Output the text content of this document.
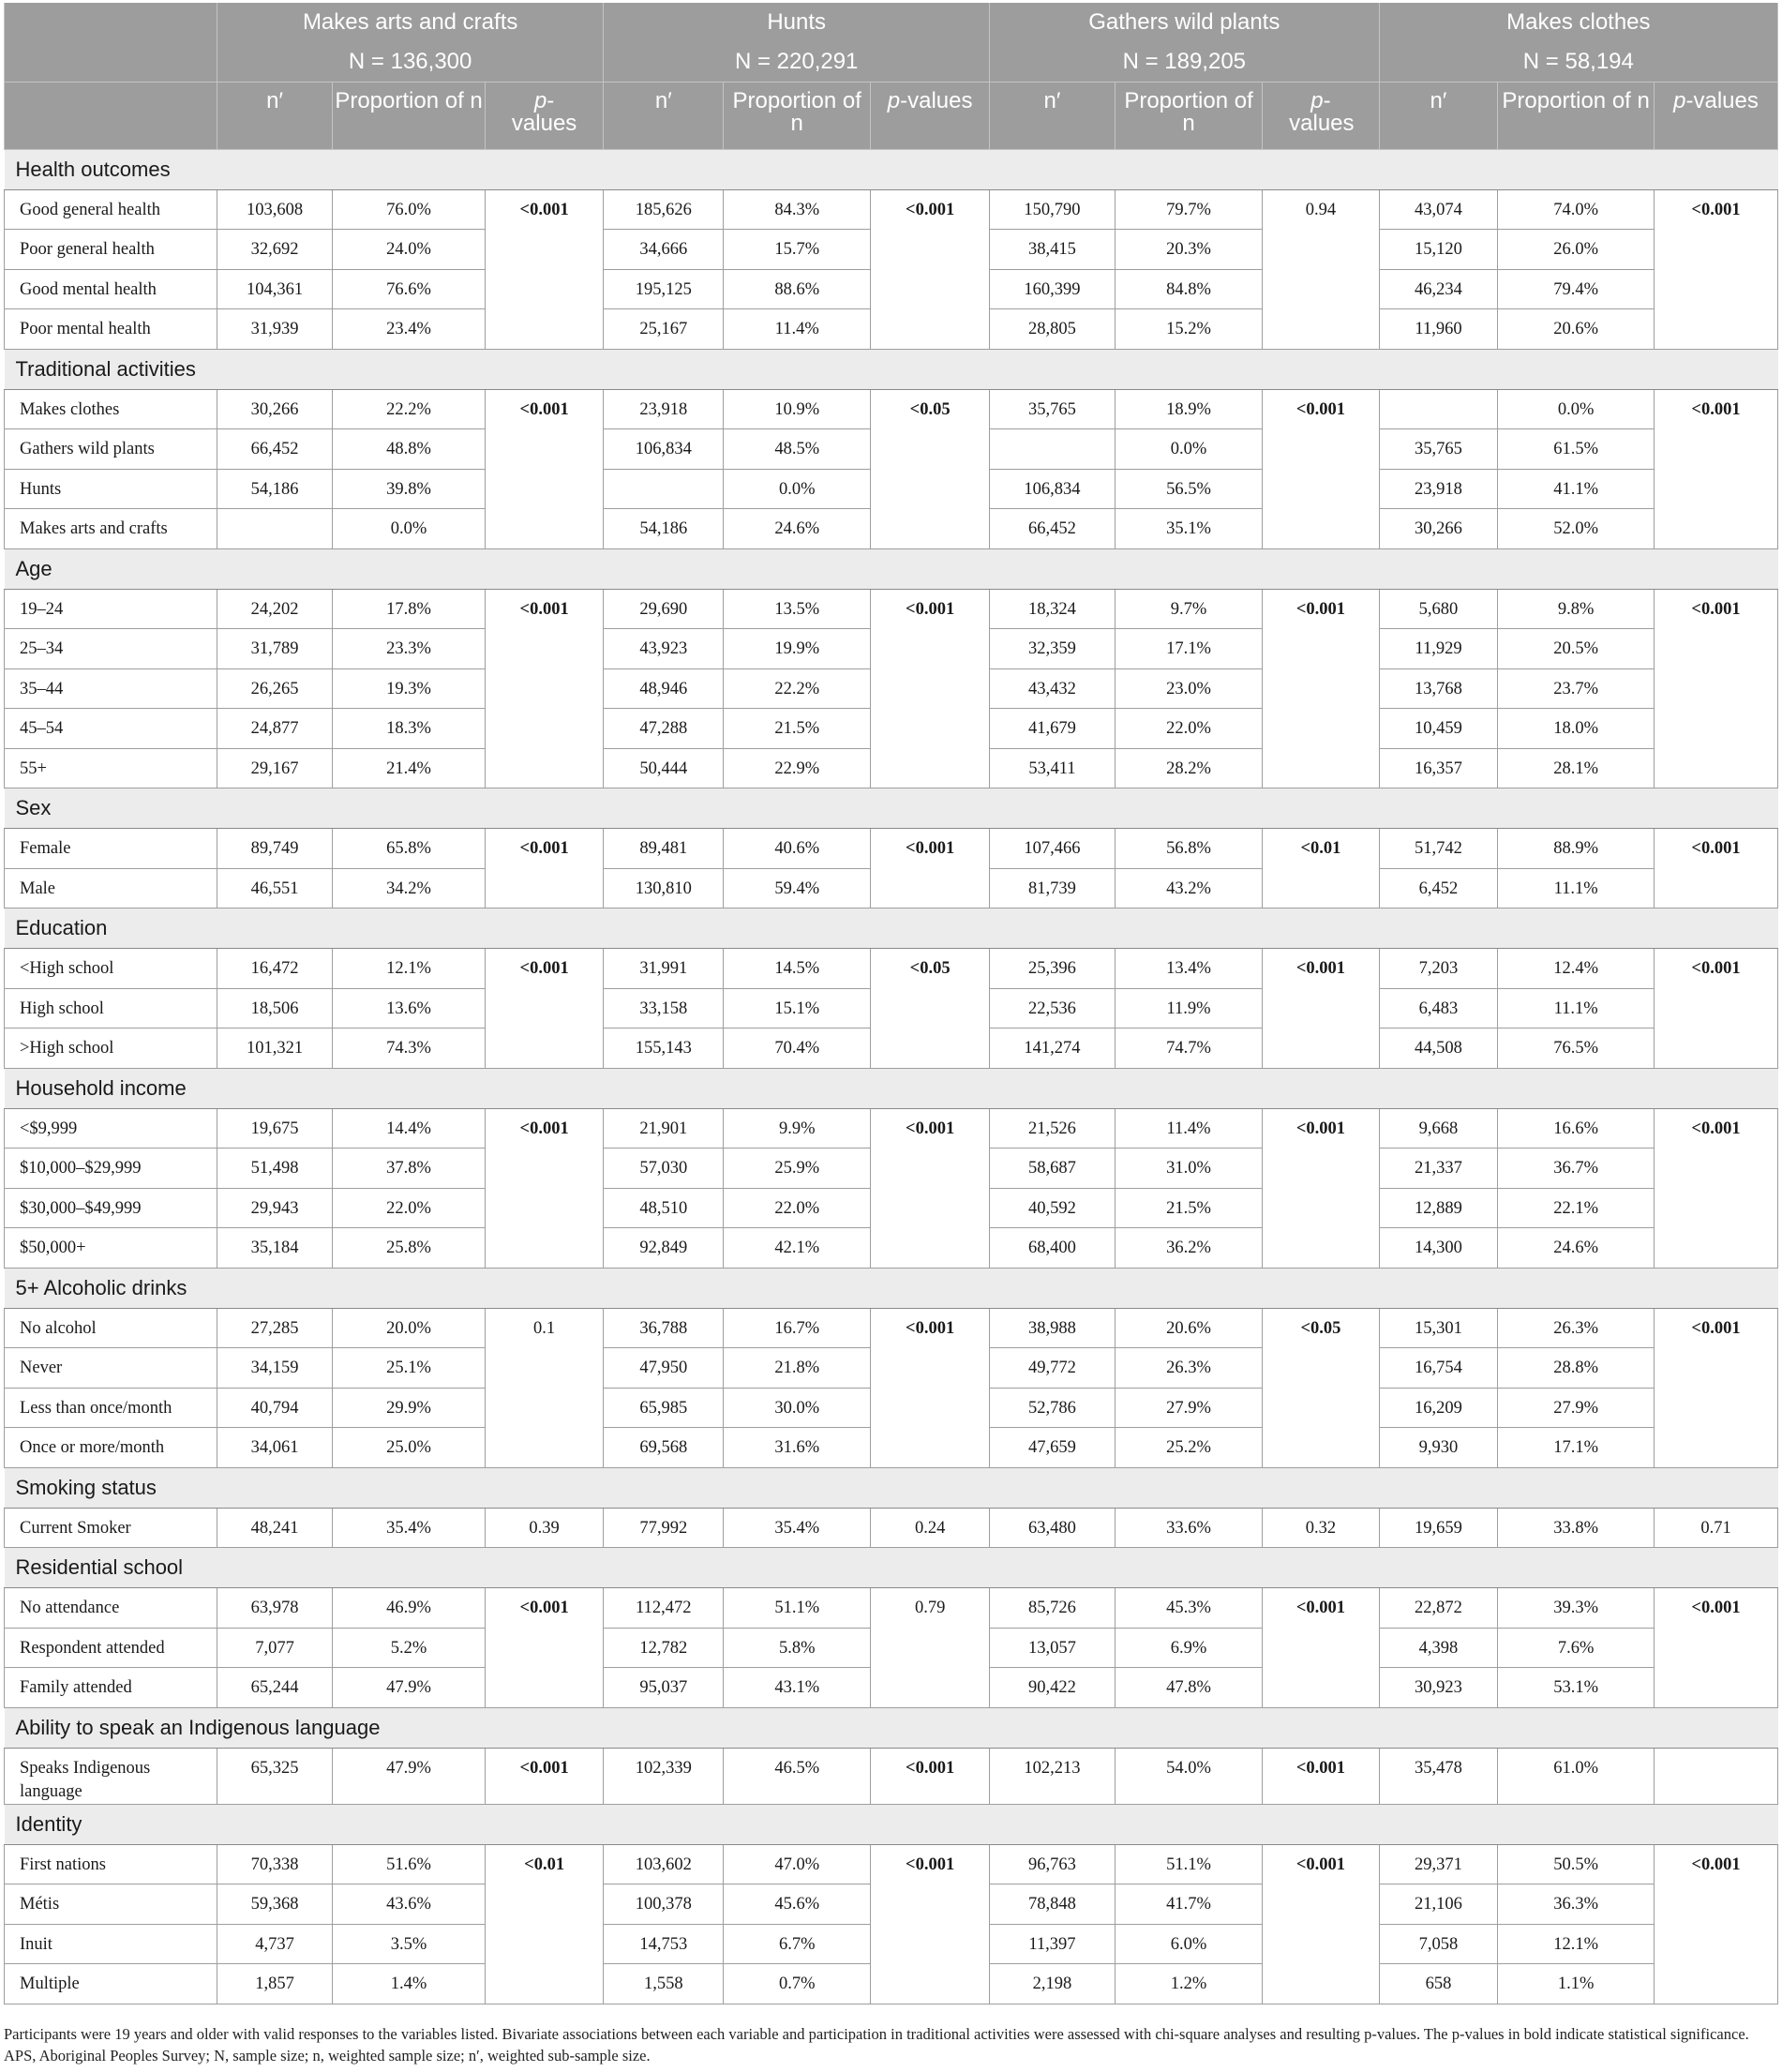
	Makes arts and crafts			Hunts			Gathers wild plants			Makes clothes		
	N = 136,300			N = 220,291			N = 189,205			N = 58,194		
	n′	Proportion of n	p-values	n′	Proportion of n	p-values	n′	Proportion of n	p-values	n′	Proportion of n	p-values
Health outcomes												
Good general health	103,608	76.0%	<0.001	185,626	84.3%	<0.001	150,790	79.7%	0.94	43,074	74.0%	<0.001
Poor general health	32,692	24.0%		34,666	15.7%		38,415	20.3%		15,120	26.0%	
Good mental health	104,361	76.6%		195,125	88.6%		160,399	84.8%		46,234	79.4%	
Poor mental health	31,939	23.4%		25,167	11.4%		28,805	15.2%		11,960	20.6%	
Traditional activities												
Makes clothes	30,266	22.2%	<0.001	23,918	10.9%	<0.05	35,765	18.9%	<0.001		0.0%	<0.001
Gathers wild plants	66,452	48.8%		106,834	48.5%			0.0%		35,765	61.5%	
Hunts	54,186	39.8%			0.0%		106,834	56.5%		23,918	41.1%	
Makes arts and crafts		0.0%		54,186	24.6%		66,452	35.1%		30,266	52.0%	
Age												
19–24	24,202	17.8%	<0.001	29,690	13.5%	<0.001	18,324	9.7%	<0.001	5,680	9.8%	<0.001
25–34	31,789	23.3%		43,923	19.9%		32,359	17.1%		11,929	20.5%	
35–44	26,265	19.3%		48,946	22.2%		43,432	23.0%		13,768	23.7%	
45–54	24,877	18.3%		47,288	21.5%		41,679	22.0%		10,459	18.0%	
55+	29,167	21.4%		50,444	22.9%		53,411	28.2%		16,357	28.1%	
Sex												
Female	89,749	65.8%	<0.001	89,481	40.6%	<0.001	107,466	56.8%	<0.01	51,742	88.9%	<0.001
Male	46,551	34.2%		130,810	59.4%		81,739	43.2%		6,452	11.1%	
Education												
<High school	16,472	12.1%	<0.001	31,991	14.5%	<0.05	25,396	13.4%	<0.001	7,203	12.4%	<0.001
High school	18,506	13.6%		33,158	15.1%		22,536	11.9%		6,483	11.1%	
>High school	101,321	74.3%		155,143	70.4%		141,274	74.7%		44,508	76.5%	
Household income												
<$9,999	19,675	14.4%	<0.001	21,901	9.9%	<0.001	21,526	11.4%	<0.001	9,668	16.6%	<0.001
$10,000–$29,999	51,498	37.8%		57,030	25.9%		58,687	31.0%		21,337	36.7%	
$30,000–$49,999	29,943	22.0%		48,510	22.0%		40,592	21.5%		12,889	22.1%	
$50,000+	35,184	25.8%		92,849	42.1%		68,400	36.2%		14,300	24.6%	
5+ Alcoholic drinks												
No alcohol	27,285	20.0%	0.1	36,788	16.7%	<0.001	38,988	20.6%	<0.05	15,301	26.3%	<0.001
Never	34,159	25.1%		47,950	21.8%		49,772	26.3%		16,754	28.8%	
Less than once/month	40,794	29.9%		65,985	30.0%		52,786	27.9%		16,209	27.9%	
Once or more/month	34,061	25.0%		69,568	31.6%		47,659	25.2%		9,930	17.1%	
Smoking status												
Current Smoker	48,241	35.4%	0.39	77,992	35.4%	0.24	63,480	33.6%	0.32	19,659	33.8%	0.71
Residential school												
No attendance	63,978	46.9%	<0.001	112,472	51.1%	0.79	85,726	45.3%	<0.001	22,872	39.3%	<0.001
Respondent attended	7,077	5.2%		12,782	5.8%		13,057	6.9%		4,398	7.6%	
Family attended	65,244	47.9%		95,037	43.1%		90,422	47.8%		30,923	53.1%	
Ability to speak an Indigenous language												
Speaks Indigenous language	65,325	47.9%	<0.001	102,339	46.5%	<0.001	102,213	54.0%	<0.001	35,478	61.0%	
Identity												
First nations	70,338	51.6%	<0.01	103,602	47.0%	<0.001	96,763	51.1%	<0.001	29,371	50.5%	<0.001
Métis	59,368	43.6%		100,378	45.6%		78,848	41.7%		21,106	36.3%	
Inuit	4,737	3.5%		14,753	6.7%		11,397	6.0%		7,058	12.1%	
Multiple	1,857	1.4%		1,558	0.7%		2,198	1.2%		658	1.1%	
Participants were 19 years and older with valid responses to the variables listed. Bivariate associations between each variable and participation in traditional activities were assessed with chi-square analyses and resulting p-values. The p-values in bold indicate statistical significance. APS, Aboriginal Peoples Survey; N, sample size; n, weighted sample size; n′, weighted sub-sample size.
